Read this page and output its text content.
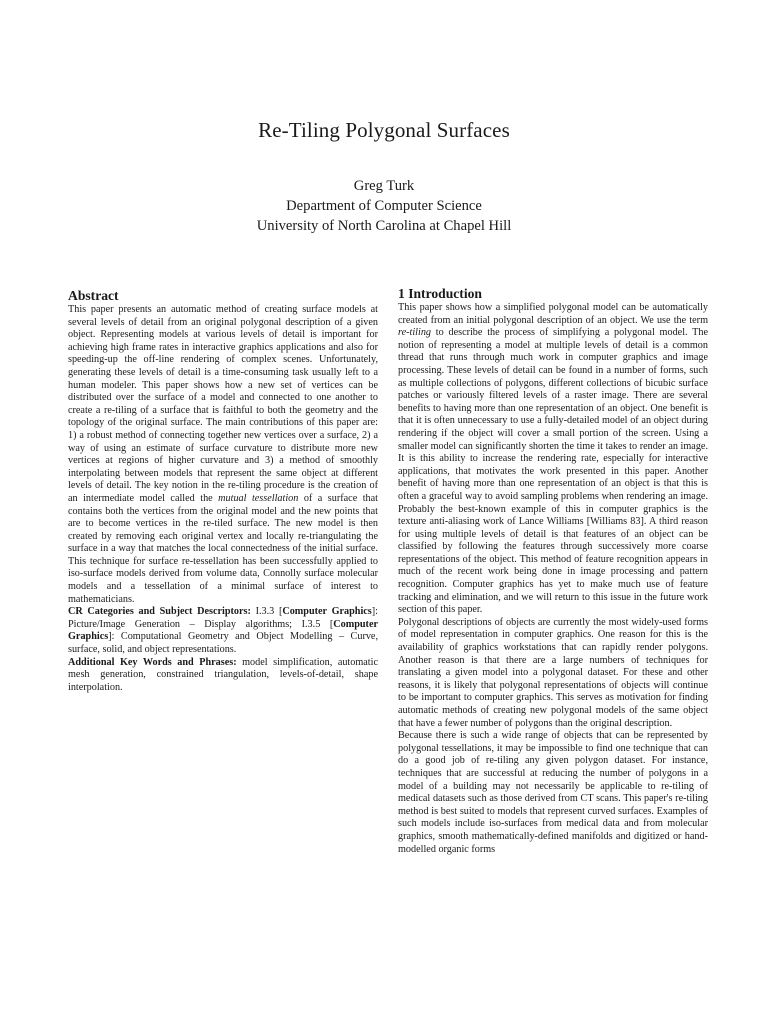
Re-Tiling Polygonal Surfaces
Greg Turk
Department of Computer Science
University of North Carolina at Chapel Hill
Abstract

This paper presents an automatic method of creating surface models at several levels of detail from an original polygonal description of a given object. Representing models at various levels of detail is important for achieving high frame rates in interactive graphics applications and also for speeding-up the off-line rendering of complex scenes. Unfortunately, generating these levels of detail is a time-consuming task usually left to a human modeler. This paper shows how a new set of vertices can be distributed over the surface of a model and connected to one another to create a re-tiling of a surface that is faithful to both the geometry and the topology of the original surface. The main contributions of this paper are: 1) a robust method of connecting together new vertices over a surface, 2) a way of using an estimate of surface curvature to distribute more new vertices at regions of higher curvature and 3) a method of smoothly interpolating between models that represent the same object at different levels of detail. The key notion in the re-tiling procedure is the creation of an intermediate model called the mutual tessellation of a surface that contains both the vertices from the original model and the new points that are to become vertices in the re-tiled surface. The new model is then created by removing each original vertex and locally re-triangulating the surface in a way that matches the local connectedness of the initial surface. This technique for surface re-tessellation has been successfully applied to iso-surface models derived from volume data, Connolly surface molecular models and a tessellation of a minimal surface of interest to mathematicians.

CR Categories and Subject Descriptors: I.3.3 [Computer Graphics]: Picture/Image Generation – Display algorithms; I.3.5 [Computer Graphics]: Computational Geometry and Object Modelling – Curve, surface, solid, and object representations.

Additional Key Words and Phrases: model simplification, automatic mesh generation, constrained triangulation, levels-of-detail, shape interpolation.

1 Introduction

This paper shows how a simplified polygonal model can be automatically created from an initial polygonal description of an object. We use the term re-tiling to describe the process of simplifying a polygonal model. The notion of representing a model at multiple levels of detail is a common thread that runs through much work in computer graphics and image processing. These levels of detail can be found in a number of forms, such as multiple collections of polygons, different collections of bicubic surface patches or variously filtered levels of a raster image. There are several benefits to having more than one representation of an object. One benefit is that it is often unnecessary to use a fully-detailed model of an object during rendering if the object will cover a small portion of the screen. Using a smaller model can significantly shorten the time it takes to render an image. It is this ability to increase the rendering rate, especially for interactive applications, that motivates the work presented in this paper. Another benefit of having more than one representation of an object is that this is often a graceful way to avoid sampling problems when rendering an image. Probably the best-known example of this in computer graphics is the texture anti-aliasing work of Lance Williams [Williams 83]. A third reason for using multiple levels of detail is that features of an object can be classified by following the features through successively more coarse representations of the object. This method of feature recognition appears in much of the recent work being done in image processing and pattern recognition. Computer graphics has yet to make much use of feature tracking and elimination, and we will return to this issue in the future work section of this paper.

Polygonal descriptions of objects are currently the most widely-used forms of model representation in computer graphics. One reason for this is the availability of graphics workstations that can rapidly render polygons. Another reason is that there are a large numbers of techniques for translating a given model into a polygonal dataset. For these and other reasons, it is likely that polygonal representations of objects will continue to be important to computer graphics. This serves as motivation for finding automatic methods of creating new polygonal models of the same object that have a fewer number of polygons than the original description.

Because there is such a wide range of objects that can be represented by polygonal tessellations, it may be impossible to find one technique that can do a good job of re-tiling any given polygon dataset. For instance, techniques that are successful at reducing the number of polygons in a model of a building may not necessarily be applicable to re-tiling of medical datasets such as those derived from CT scans. This paper's re-tiling method is best suited to models that represent curved surfaces. Examples of such models include iso-surfaces from medical data and from molecular graphics, smooth mathematically-defined manifolds and digitized or hand-modelled organic forms
